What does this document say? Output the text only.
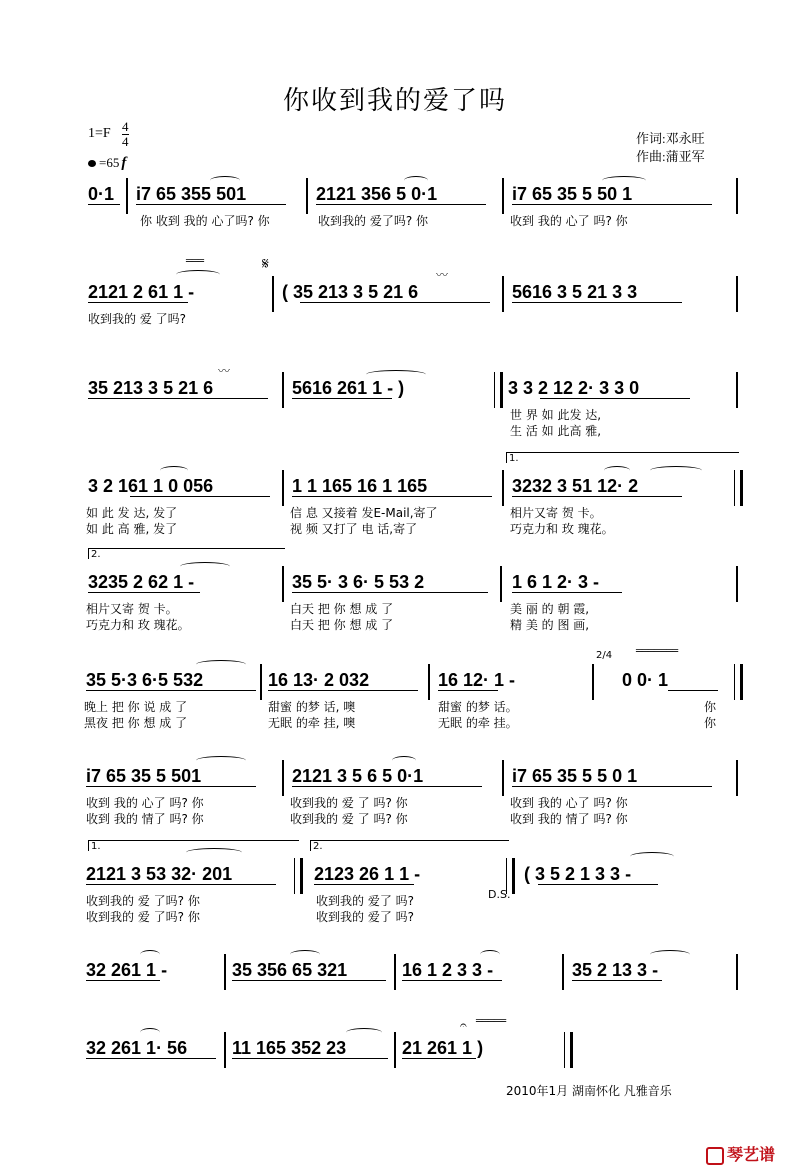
你收到我的爱了吗
1=F 4
4
=65 f
作词:邓永旺
作曲:蒲亚军
0·1 i7 65 355 501	2121 356 5 0·1	i7 65 35 5 50 1
你 收到 我的 心了吗? 你	收到我的 爱了吗? 你	收到 我的 心了 吗? 你
2121 2 61 1 -	( 35 213 3 5 21 6	5616 3 5 21 3 3
𝄋
═══
〰
收到我的 爱 了吗?
35 213 3 5 21 6	5616 261 1 - )	3 3 2 12 2· 3 3 0
〰
世 界 如 此发 达,
生 活 如 此高 雅,
1.
3 2 161 1 0 056	1 1 165 16 1 165	3232 3 51 12· 2
如 此 发 达, 发了	信 息 又接着 发E-Mail,寄了	相片又寄 贺 卡。
如 此 高 雅, 发了	视 频 又打了 电 话,寄了	巧克力和 玫 瑰花。
2.
3235 2 62 1 -	35 5· 3 6· 5 53 2	1 6 1 2· 3 -
相片又寄 贺 卡。	白天 把 你 想 成 了	美 丽 的 朝 霞,
巧克力和 玫 瑰花。	白天 把 你 想 成 了	精 美 的 图 画,
2/4 ═══════
35 5·3 6·5 532	16 13· 2 032	16 12· 1 -	0 0· 1
晚上 把 你 说 成 了	甜蜜 的梦 话, 噢	甜蜜 的梦 话。	你
黑夜 把 你 想 成 了	无眠 的牵 挂, 噢	无眠 的牵 挂。	你
i7 65 35 5 501	2121 3 5 6 5 0·1	i7 65 35 5 5 0 1
收到 我的 心了 吗? 你	收到我的 爱 了 吗? 你	收到 我的 心了 吗? 你
收到 我的 情了 吗? 你	收到我的 爱 了 吗? 你	收到 我的 情了 吗? 你
1.	2.
2121 3 53 32· 201	2123 26 1 1 -	( 3 5 2 1 3 3 -
D.S.
收到我的 爱 了吗? 你	收到我的 爱了 吗?
收到我的 爱 了吗? 你	收到我的 爱了 吗?
32 261 1 -	35 356 65 321	16 1 2 3 3 -	35 2 13 3 -
32 261 1· 56 11 165 352 23	21 261 1 )
𝄐 ═════
2010年1月 湖南怀化 凡雅音乐
琴艺谱
